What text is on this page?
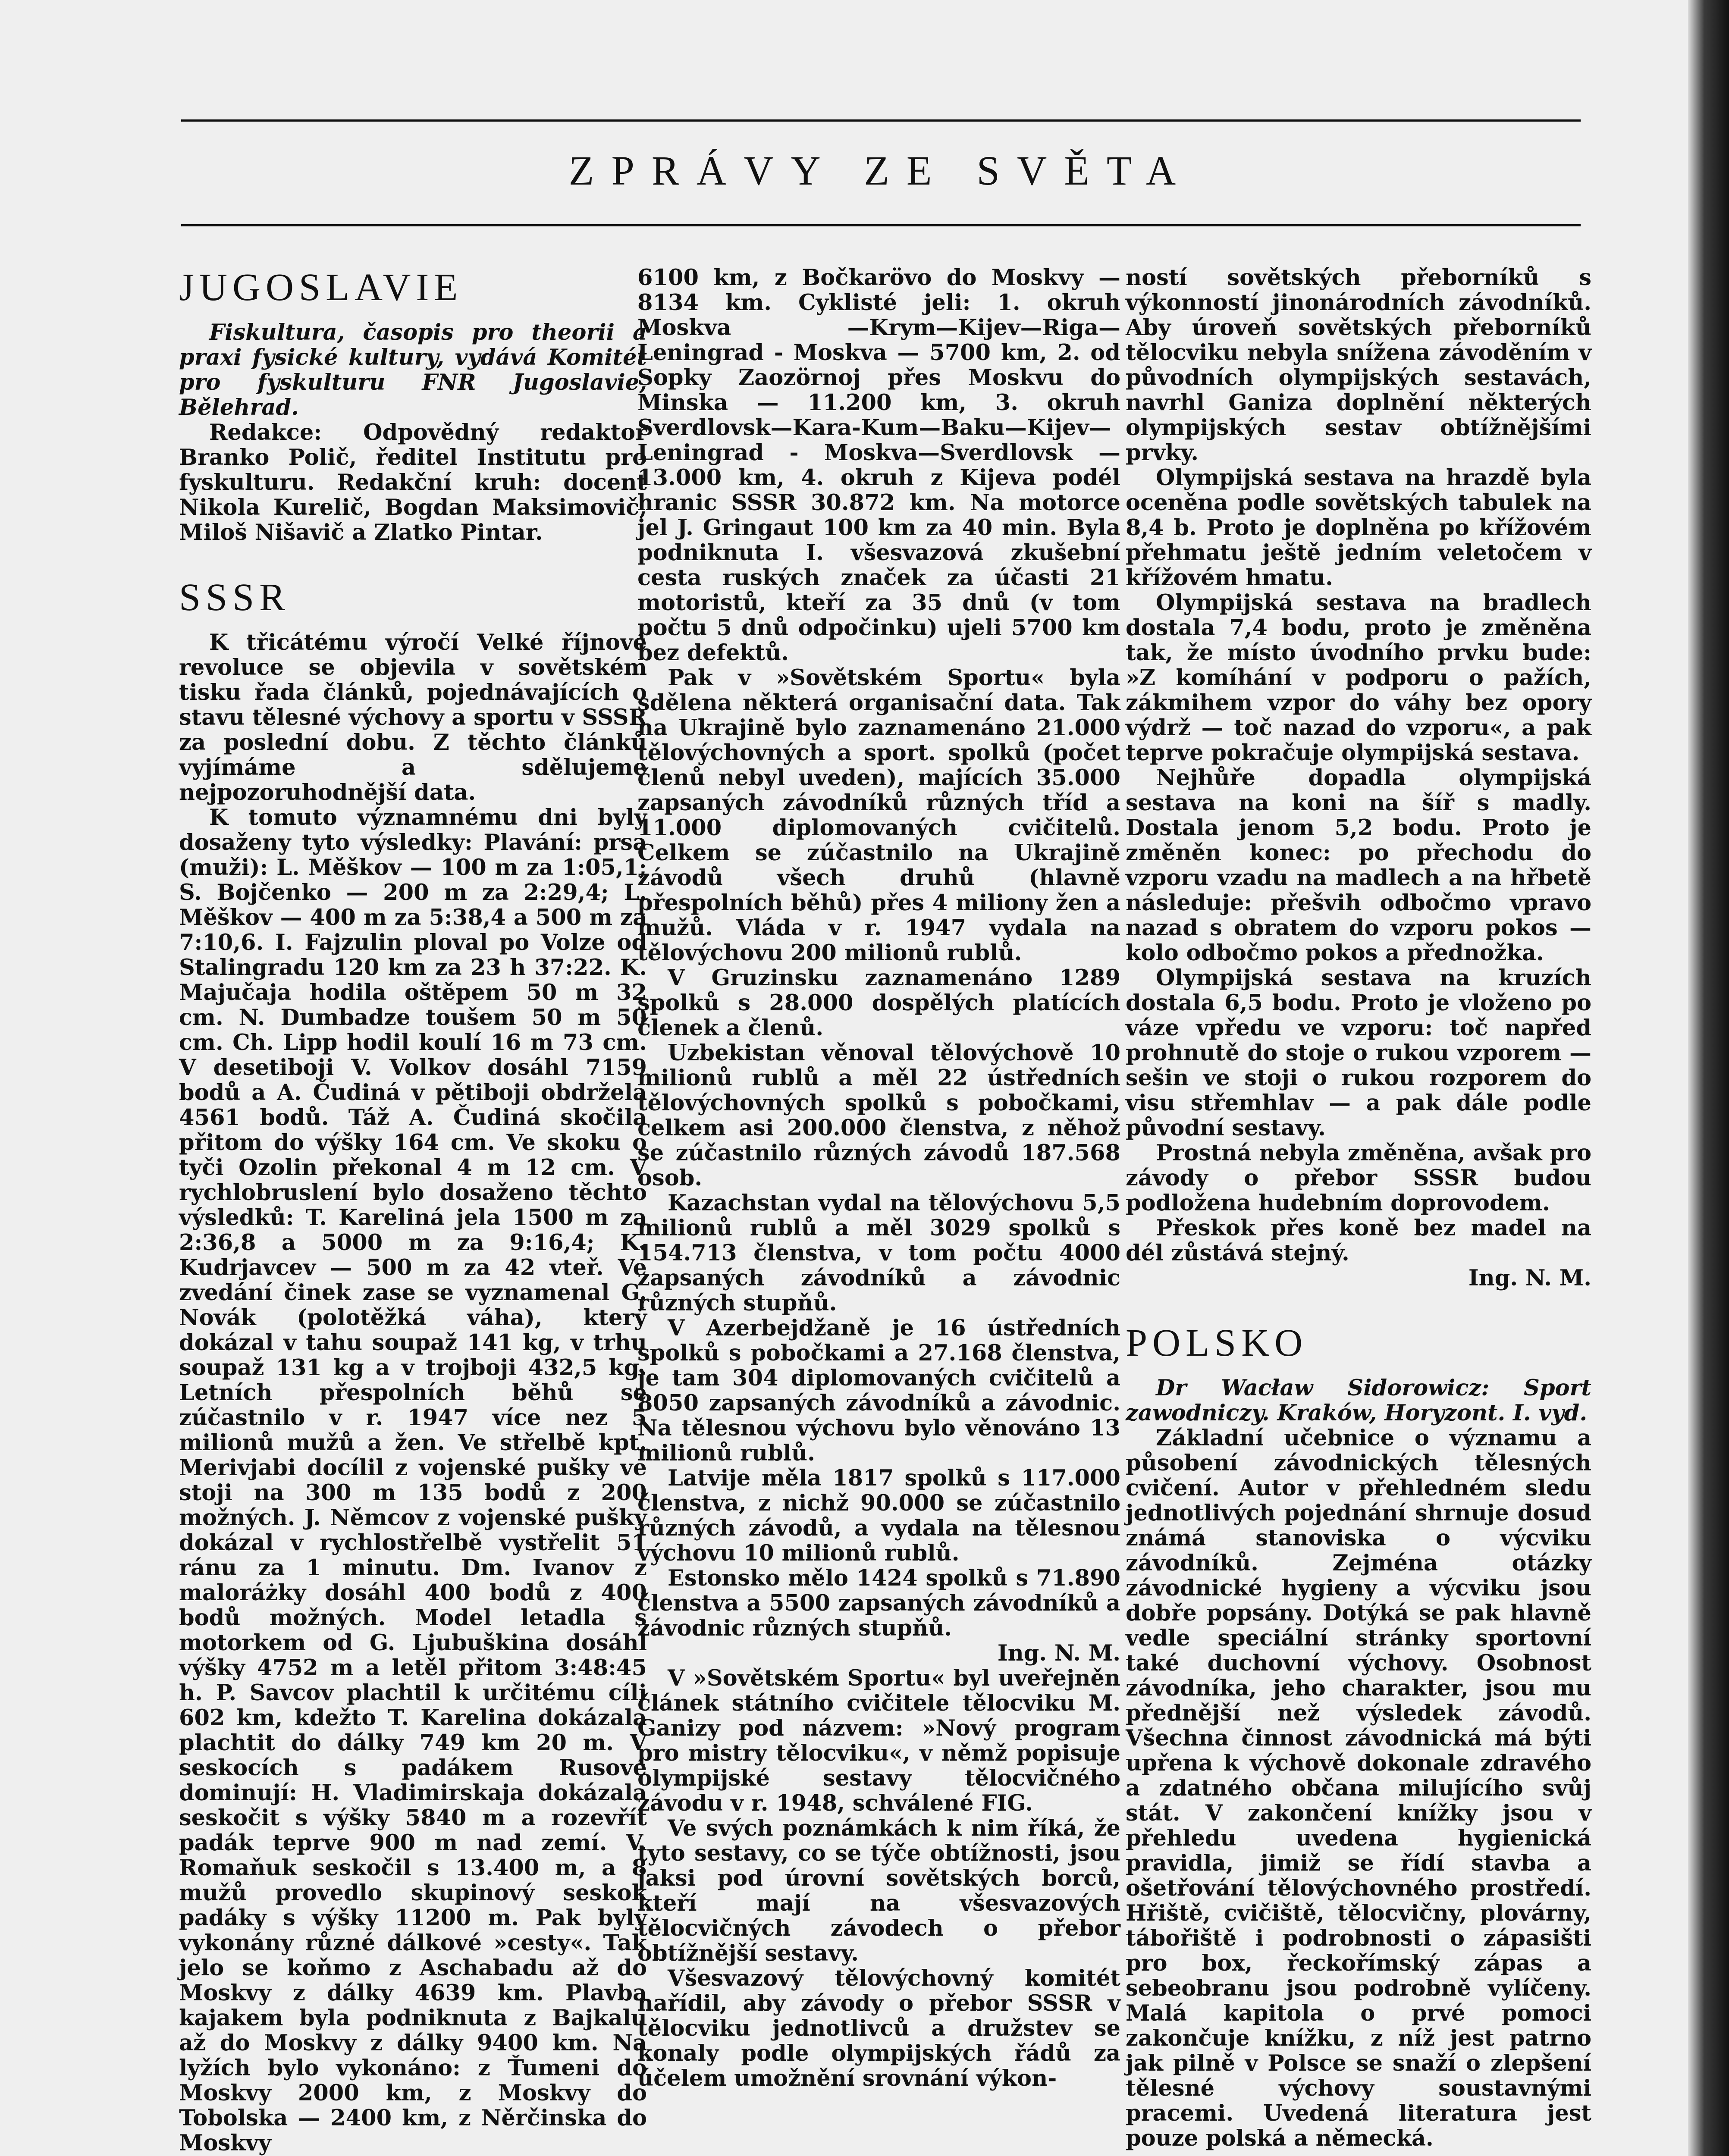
ZPRÁVY ZE SVĚTA
JUGOSLAVIE

Fiskultura, časopis pro theorii a praxi fysické kultury, vydává Komitét pro fyskulturu FNR Jugoslavie, Bělehrad.

Redakce: Odpovědný redaktor Branko Polič, ředitel Institutu pro fyskulturu. Redakční kruh: docent Nikola Kurelič, Bogdan Maksimovič, Miloš Nišavič a Zlatko Pintar.

SSSR

K třicátému výročí Velké říjnové revoluce se objevila v sovětském tisku řada článků, pojednávajících o stavu tělesné výchovy a sportu v SSSR za poslední dobu. Z těchto článků vyjímáme a sdělujeme nejpozoruhodnější data.

K tomuto významnému dni byly dosaženy tyto výsledky: Plavání: prsa (muži): L. Měškov — 100 m za 1:05,1; S. Bojčenko — 200 m za 2:29,4; L. Měškov — 400 m za 5:38,4 a 500 m za 7:10,6. I. Fajzulin ploval po Volze od Stalingradu 120 km za 23 h 37:22. K. Majučaja hodila oštěpem 50 m 32 cm. N. Dumbadze toušem 50 m 50 cm. Ch. Lipp hodil koulí 16 m 73 cm. V desetiboji V. Volkov dosáhl 7159 bodů a A. Čudiná v pětiboji obdržela 4561 bodů. Táž A. Čudiná skočila přitom do výšky 164 cm. Ve skoku o tyči Ozolin překonal 4 m 12 cm. V rychlobruslení bylo dosaženo těchto výsledků: T. Kareliná jela 1500 m za 2:36,8 a 5000 m za 9:16,4; K. Kudrjavcev — 500 m za 42 vteř. Ve zvedání činek zase se vyznamenal G. Novák (polotěžká váha), který dokázal v tahu soupaž 141 kg, v trhu soupaž 131 kg a v trojboji 432,5 kg. Letních přespolních běhů se zúčastnilo v r. 1947 více nez 5 milionů mužů a žen. Ve střelbě kpt. Merivjabi docílil z vojenské pušky ve stoji na 300 m 135 bodů z 200 možných. J. Němcov z vojenské pušky dokázal v rychlostřelbě vystřelit 51 ránu za 1 minutu. Dm. Ivanov z maloráżky dosáhl 400 bodů z 400 bodů možných. Model letadla s motorkem od G. Ljubuškina dosáhl výšky 4752 m a letěl přitom 3:48:45 h. P. Savcov plachtil k určitému cíli 602 km, kdežto T. Karelina dokázala plachtit do dálky 749 km 20 m. V seskocích s padákem Rusové dominují: H. Vladimirskaja dokázala seskočit s výšky 5840 m a rozevřít padák teprve 900 m nad zemí. V. Romaňuk seskočil s 13.400 m, a 8 mužů provedlo skupinový seskok padáky s výšky 11200 m. Pak byly vykonány různé dálkové »cesty«. Tak jelo se koňmo z Aschabadu až do Moskvy z dálky 4639 km. Plavba kajakem byla podniknuta z Bajkalu až do Moskvy z dálky 9400 km. Na lyžích bylo vykonáno: z Ťumeni do Moskvy 2000 km, z Moskvy do Tobolska — 2400 km, z Něrčinska do Moskvy

6100 km, z Bočkarövo do Moskvy — 8134 km. Cyklisté jeli: 1. okruh Moskva —Krym—Kijev—Riga—Leningrad - Moskva — 5700 km, 2. od Sopky Zaozörnoj přes Moskvu do Minska — 11.200 km, 3. okruh Sverdlovsk—Kara-Kum—Baku—Kijev—Leningrad - Moskva—Sverdlovsk — 13.000 km, 4. okruh z Kijeva podél hranic SSSR 30.872 km. Na motorce jel J. Gringaut 100 km za 40 min. Byla podniknuta I. všesvazová zkušební cesta ruských značek za účasti 21 motoristů, kteří za 35 dnů (v tom počtu 5 dnů odpočinku) ujeli 5700 km bez defektů.

Pak v »Sovětském Sportu« byla sdělena některá organisační data. Tak na Ukrajině bylo zaznamenáno 21.000 tělovýchovných a sport. spolků (počet členů nebyl uveden), majících 35.000 zapsaných závodníků různých tříd a 11.000 diplomovaných cvičitelů. Celkem se zúčastnilo na Ukrajině závodů všech druhů (hlavně přespolních běhů) přes 4 miliony žen a mužů. Vláda v r. 1947 vydala na tělovýchovu 200 milionů rublů.

V Gruzinsku zaznamenáno 1289 spolků s 28.000 dospělých platících členek a členů.

Uzbekistan věnoval tělovýchově 10 milionů rublů a měl 22 ústředních tělovýchovných spolků s pobočkami, celkem asi 200.000 členstva, z něhož se zúčastnilo různých závodů 187.568 osob.

Kazachstan vydal na tělovýchovu 5,5 milionů rublů a měl 3029 spolků s 154.713 členstva, v tom počtu 4000 zapsaných závodníků a závodnic různých stupňů.

V Azerbejdžaně je 16 ústředních spolků s pobočkami a 27.168 členstva, je tam 304 diplomovaných cvičitelů a 8050 zapsaných závodníků a závodnic. Na tělesnou výchovu bylo věnováno 13 milionů rublů.

Latvije měla 1817 spolků s 117.000 členstva, z nichž 90.000 se zúčastnilo různých závodů, a vydala na tělesnou výchovu 10 milionů rublů.

Estonsko mělo 1424 spolků s 71.890 členstva a 5500 zapsaných závodníků a závodnic různých stupňů.

Ing. N. M.

V »Sovětském Sportu« byl uveřejněn článek státního cvičitele tělocviku M. Ganizy pod názvem: »Nový program pro mistry tělocviku«, v němž popisuje olympijské sestavy tělocvičného závodu v r. 1948, schválené FIG.

Ve svých poznámkách k nim říká, že tyto sestavy, co se týče obtížnosti, jsou jaksi pod úrovní sovětských borců, kteří mají na všesvazových tělocvičných závodech o přebor obtížnější sestavy.

Všesvazový tělovýchovný komitét nařídil, aby závody o přebor SSSR v tělocviku jednotlivců a družstev se konaly podle olympijských řádů za účelem umožnění srovnání výkon-

ností sovětských přeborníků s výkonností jinonárodních závodníků. Aby úroveň sovětských přeborníků tělocviku nebyla snížena závoděním v původních olympijských sestavách, navrhl Ganiza doplnění některých olympijských sestav obtížnějšími prvky.

Olympijská sestava na hrazdě byla oceněna podle sovětských tabulek na 8,4 b. Proto je doplněna po křížovém přehmatu ještě jedním veletočem v křížovém hmatu.

Olympijská sestava na bradlech dostala 7,4 bodu, proto je změněna tak, že místo úvodního prvku bude: »Z komíhání v podporu o pažích, zákmihem vzpor do váhy bez opory výdrž — toč nazad do vzporu«, a pak teprve pokračuje olympijská sestava.

Nejhůře dopadla olympijská sestava na koni na šíř s madly. Dostala jenom 5,2 bodu. Proto je změněn konec: po přechodu do vzporu vzadu na madlech a na hřbetě následuje: přešvih odbočmo vpravo nazad s obratem do vzporu pokos — kolo odbočmo pokos a přednožka.

Olympijská sestava na kruzích dostala 6,5 bodu. Proto je vloženo po váze vpředu ve vzporu: toč napřed prohnutě do stoje o rukou vzporem — sešin ve stoji o rukou rozporem do visu střemhlav — a pak dále podle původní sestavy.

Prostná nebyla změněna, avšak pro závody o přebor SSSR budou podložena hudebním doprovodem.

Přeskok přes koně bez madel na dél zůstává stejný.

Ing. N. M.

POLSKO

Dr Wacław Sidorowicz: Sport zawodniczy. Kraków, Horyzont. I. vyd.

Základní učebnice o významu a působení závodnických tělesných cvičení. Autor v přehledném sledu jednotlivých pojednání shrnuje dosud známá stanoviska o výcviku závodníků. Zejména otázky závodnické hygieny a výcviku jsou dobře popsány. Dotýká se pak hlavně vedle speciální stránky sportovní také duchovní výchovy. Osobnost závodníka, jeho charakter, jsou mu přednější než výsledek závodů. Všechna činnost závodnická má býti upřena k výchově dokonale zdravého a zdatného občana milujícího svůj stát. V zakončení knížky jsou v přehledu uvedena hygienická pravidla, jimiž se řídí stavba a ošetřování tělovýchovného prostředí. Hřiště, cvičiště, tělocvičny, plovárny, tábořiště i podrobnosti o zápasišti pro box, řeckořímský zápas a sebeobranu jsou podrobně vylíčeny. Malá kapitola o prvé pomoci zakončuje knížku, z níž jest patrno jak pilně v Polsce se snaží o zlepšení tělesné výchovy soustavnými pracemi. Uvedená literatura jest pouze polská a německá.
